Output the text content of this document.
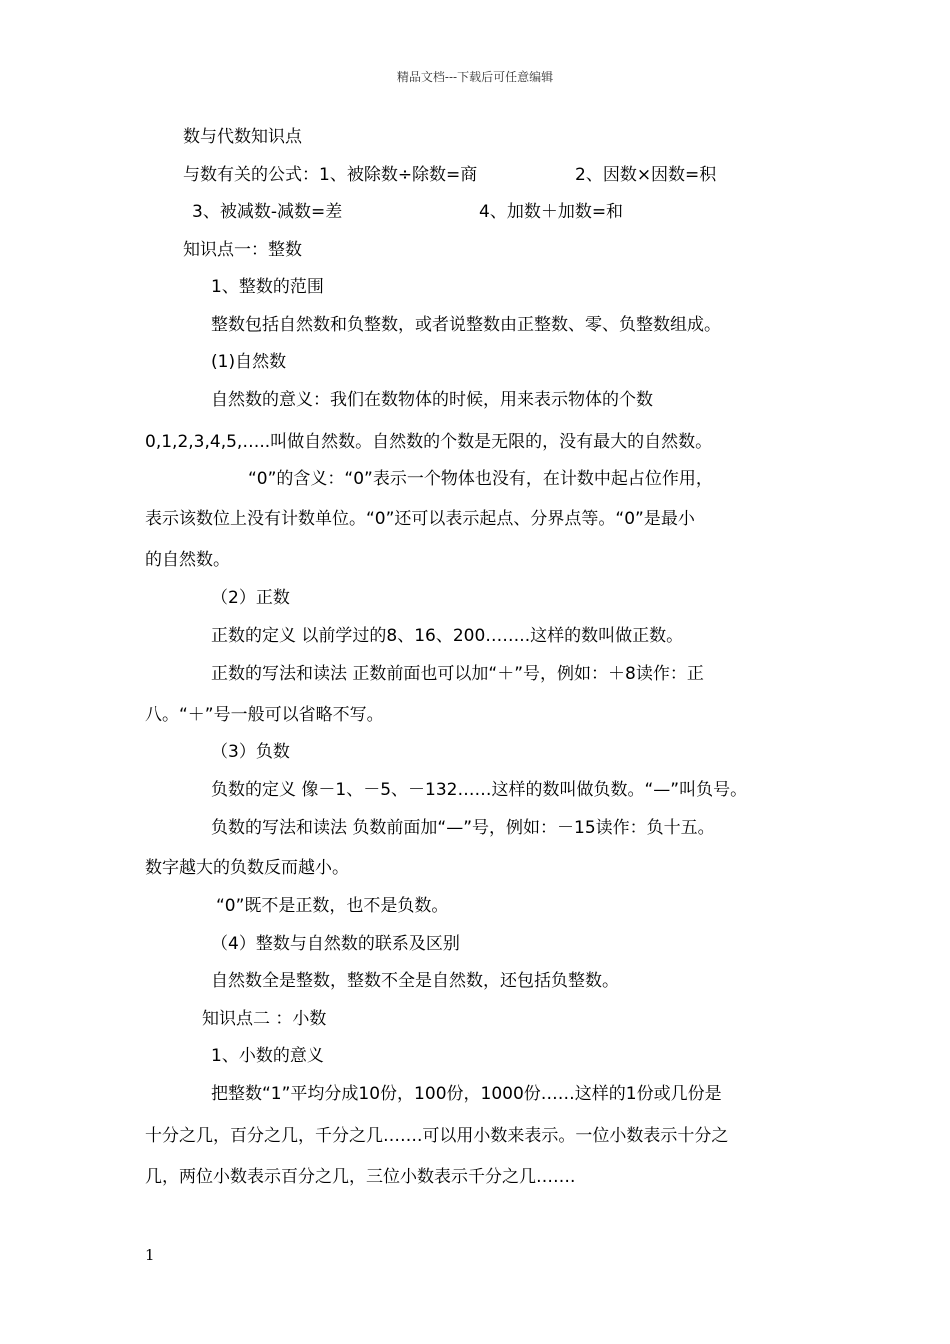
精品文档---下载后可任意编辑
数与代数知识点
与数有关的公式：1、被除数÷除数=商	2、因数×因数=积
3、被减数-减数=差	4、加数＋加数=和
知识点一：整数
1、整数的范围
整数包括自然数和负整数，或者说整数由正整数、零、负整数组成。
(1)自然数
自然数的意义：我们在数物体的时候，用来表示物体的个数
0,1,2,3,4,5,…..叫做自然数。自然数的个数是无限的，没有最大的自然数。
“0”的含义：“0”表示一个物体也没有，在计数中起占位作用，
表示该数位上没有计数单位。“0”还可以表示起点、分界点等。“0”是最小
的自然数。
（2）正数
正数的定义 以前学过的8、16、200……..这样的数叫做正数。
正数的写法和读法 正数前面也可以加“＋”号，例如：＋8读作：正
八。“＋”号一般可以省略不写。
（3）负数
负数的定义 像－1、－5、－132……这样的数叫做负数。“—”叫负号。
负数的写法和读法 负数前面加“—”号，例如：－15读作：负十五。
数字越大的负数反而越小。
“0”既不是正数，也不是负数。
（4）整数与自然数的联系及区别
自然数全是整数，整数不全是自然数，还包括负整数。
知识点二 ：小数
1、小数的意义
把整数“1”平均分成10份，100份，1000份……这样的1份或几份是
十分之几，百分之几，千分之几…….可以用小数来表示。一位小数表示十分之
几，两位小数表示百分之几，三位小数表示千分之几…….
1
